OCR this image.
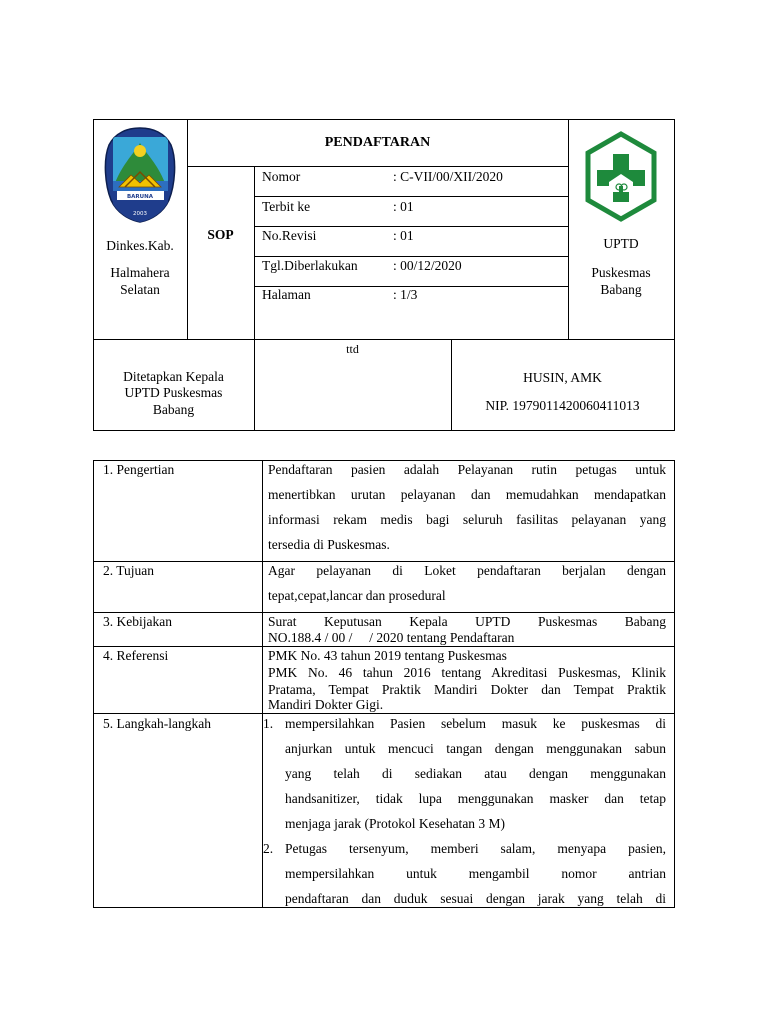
BARUNA
2003
Dinkes.Kab.
Halmahera
Selatan
PENDAFTARAN
SOP
Nomor	: C-VII/00/XII/2020
Terbit ke	: 01
No.Revisi	: 01
Tgl.Diberlakukan	: 00/12/2020
Halaman	: 1/3
UPTD
Puskesmas
Babang
Ditetapkan Kepala
UPTD Puskesmas
Babang
ttd
HUSIN, AMK
NIP. 197901142006041101З
1. Pengertian	Pendaftaran pasien adalah Pelayanan rutin petugas untuk
menertibkan urutan pelayanan dan memudahkan mendapatkan
informasi rekam medis bagi seluruh fasilitas pelayanan yang
tersedia di Puskesmas.
2. Tujuan	Agar pelayanan di Loket pendaftaran berjalan dengan
tepat,cepat,lancar dan prosedural
3. Kebijakan	Surat Keputusan Kepala UPTD Puskesmas Babang
NO.188.4 / 00 /     / 2020 tentang Pendaftaran
4. Referensi	PMK No. 43 tahun 2019 tentang Puskesmas
PMK No. 46 tahun 2016 tentang Akreditasi Puskesmas, Klinik
Pratama, Tempat Praktik Mandiri Dokter dan Tempat Praktik
Mandiri Dokter Gigi.
5. Langkah-langkah	1. mempersilahkan Pasien sebelum masuk ke puskesmas di
anjurkan untuk mencuci tangan dengan menggunakan sabun
yang telah di sediakan atau dengan menggunakan
handsanitizer, tidak lupa menggunakan masker dan tetap
menjaga jarak (Protokol Kesehatan 3 M)
2. Petugas tersenyum, memberi salam, menyapa pasien,
mempersilahkan untuk mengambil nomor antrian
pendaftaran dan duduk sesuai dengan jarak yang telah di
